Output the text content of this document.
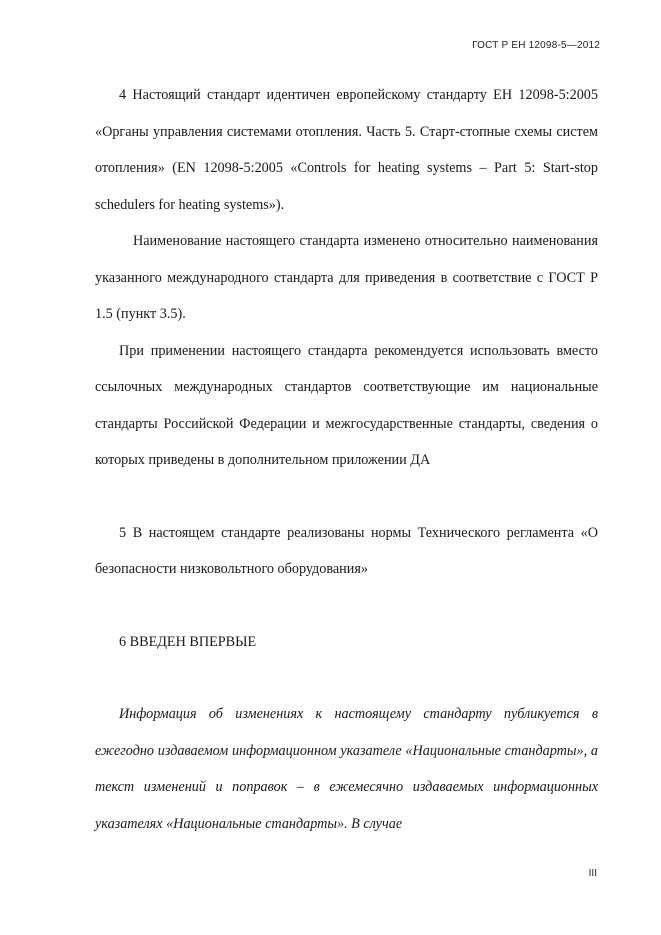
ГОСТ Р ЕН 12098-5—2012

4 Настоящий стандарт идентичен европейскому стандарту ЕН 12098-5:2005 «Органы управления системами отопления. Часть 5. Старт-стопные схемы систем отопления» (EN 12098-5:2005 «Controls for heating systems – Part 5: Start-stop schedulers for heating systems»).

Наименование настоящего стандарта изменено относительно наименования указанного международного стандарта для приведения в соответствие с ГОСТ Р 1.5 (пункт 3.5).

При применении настоящего стандарта рекомендуется использовать вместо ссылочных международных стандартов соответствующие им национальные стандарты Российской Федерации и межгосударственные стандарты, сведения о которых приведены в дополнительном приложении ДА

5 В настоящем стандарте реализованы нормы Технического регламента «О безопасности низковольтного оборудования»

6 ВВЕДЕН ВПЕРВЫЕ

Информация об изменениях к настоящему стандарту публикуется в ежегодно издаваемом информационном указателе «Национальные стандарты», а текст изменений и поправок – в ежемесячно издаваемых информационных указателях «Национальные стандарты». В случае

III
